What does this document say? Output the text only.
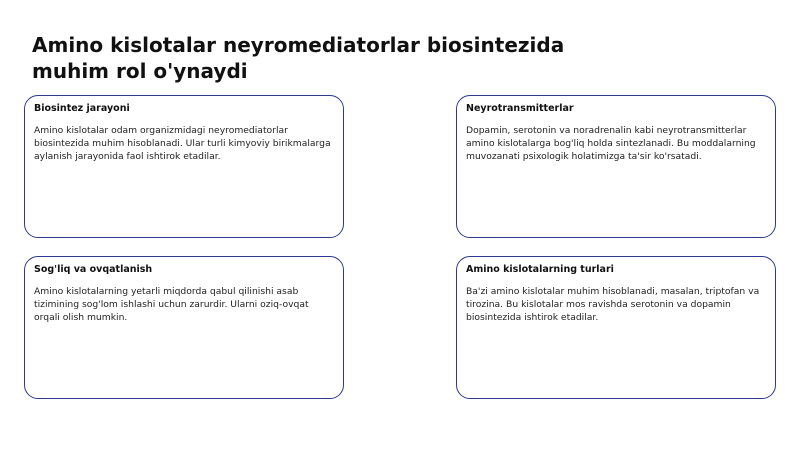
Amino kislotalar neyromediatorlar biosintezida muhim rol o'ynaydi
Biosintez jarayoni

Amino kislotalar odam organizmidagi neyromediatorlar biosintezida muhim hisoblanadi. Ular turli kimyoviy birikmalarga aylanish jarayonida faol ishtirok etadilar.

Neyrotransmitterlar

Dopamin, serotonin va noradrenalin kabi neyrotransmitterlar amino kislotalarga bog'liq holda sintezlanadi. Bu moddalarning muvozanati psixologik holatimizga ta'sir ko'rsatadi.

Sog'liq va ovqatlanish

Amino kislotalarning yetarli miqdorda qabul qilinishi asab tizimining sog'lom ishlashi uchun zarurdir. Ularni oziq-ovqat orqali olish mumkin.

Amino kislotalarning turlari

Ba'zi amino kislotalar muhim hisoblanadi, masalan, triptofan va tirozina. Bu kislotalar mos ravishda serotonin va dopamin biosintezida ishtirok etadilar.
